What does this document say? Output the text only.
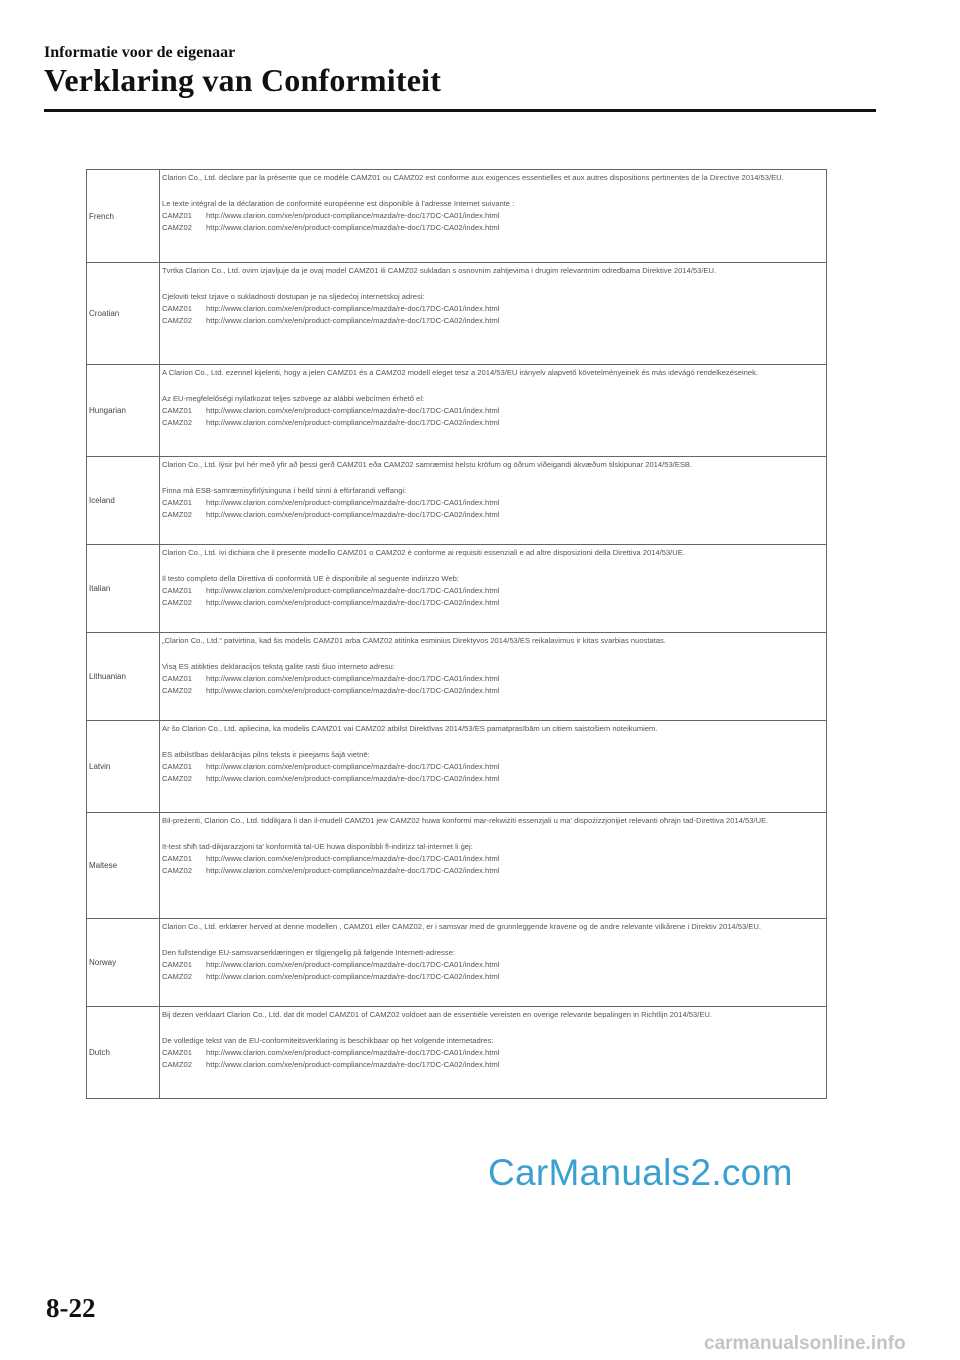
Informatie voor de eigenaar
Verklaring van Conformiteit
French	Clarion Co., Ltd. déclare par la présente que ce modèle CAMZ01 ou CAMZ02 est conforme aux exigences essentielles et aux autres dispositions pertinentes de la Directive 2014/53/EU.

Le texte intégral de la déclaration de conformité européenne est disponible à l'adresse Internet suivante :

CAMZ01 http://www.clarion.com/xe/en/product-compliance/mazda/re-doc/17DC-CA01/index.html

CAMZ02 http://www.clarion.com/xe/en/product-compliance/mazda/re-doc/17DC-CA02/index.html

Croatian	Tvrtka Clarion Co., Ltd. ovim izjavljuje da je ovaj model CAMZ01 ili CAMZ02 sukladan s osnovnim zahtjevima i drugim relevantnim odredbama Direktive 2014/53/EU.

Cjeloviti tekst Izjave o sukladnosti dostupan je na sljedećoj internetskoj adresi:

CAMZ01 http://www.clarion.com/xe/en/product-compliance/mazda/re-doc/17DC-CA01/index.html

CAMZ02 http://www.clarion.com/xe/en/product-compliance/mazda/re-doc/17DC-CA02/index.html

Hungarian	A Clarion Co., Ltd. ezennel kijelenti, hogy a jelen CAMZ01 és a CAMZ02 modell eleget tesz a 2014/53/EU irányelv alapvető követelményeinek és más idevágó rendelkezéseinek.

Az EU-megfelelőségi nyilatkozat teljes szövege az alábbi webcímen érhető el:

CAMZ01 http://www.clarion.com/xe/en/product-compliance/mazda/re-doc/17DC-CA01/index.html

CAMZ02 http://www.clarion.com/xe/en/product-compliance/mazda/re-doc/17DC-CA02/index.html

Iceland	Clarion Co., Ltd. lýsir því hér með yfir að þessi gerð CAMZ01 eða CAMZ02 samræmist helstu kröfum og öðrum viðeigandi ákvæðum tilskipunar 2014/53/ESB.

Finna má ESB-samræmisyfirlýsinguna í heild sinni á eftirfarandi veffangi:

CAMZ01 http://www.clarion.com/xe/en/product-compliance/mazda/re-doc/17DC-CA01/index.html

CAMZ02 http://www.clarion.com/xe/en/product-compliance/mazda/re-doc/17DC-CA02/index.html

Italian	Clarion Co., Ltd. ivi dichiara che il presente modello CAMZ01 o CAMZ02 è conforme ai requisiti essenziali e ad altre disposizioni della Direttiva 2014/53/UE.

Il testo completo della Direttiva di conformità UE è disponibile al seguente indirizzo Web:

CAMZ01 http://www.clarion.com/xe/en/product-compliance/mazda/re-doc/17DC-CA01/index.html

CAMZ02 http://www.clarion.com/xe/en/product-compliance/mazda/re-doc/17DC-CA02/index.html

Lithuanian	„Clarion Co., Ltd.“ patvirtina, kad šis modelis CAMZ01 arba CAMZ02 atitinka esminius Direktyvos 2014/53/ES reikalavimus ir kitas svarbias nuostatas.

Visą ES atitikties deklaracijos tekstą galite rasti šiuo interneto adresu:

CAMZ01 http://www.clarion.com/xe/en/product-compliance/mazda/re-doc/17DC-CA01/index.html

CAMZ02 http://www.clarion.com/xe/en/product-compliance/mazda/re-doc/17DC-CA02/index.html

Latvin	Ar šo Clarion Co., Ltd. apliecina, ka modelis CAMZ01 vai CAMZ02 atbilst Direktīvas 2014/53/ES pamatprasībām un citiem saistošiem noteikumiem.

ES atbilstības deklarācijas pilns teksts ir pieejams šajā vietnē:

CAMZ01 http://www.clarion.com/xe/en/product-compliance/mazda/re-doc/17DC-CA01/index.html

CAMZ02 http://www.clarion.com/xe/en/product-compliance/mazda/re-doc/17DC-CA02/index.html

Maltese	Bil-preżenti, Clarion Co., Ltd. tiddikjara li dan il-mudell CAMZ01 jew CAMZ02 huwa konformi mar-rekwiżiti essenzjali u ma' dispożizzjonijiet relevanti oħrajn tad-Direttiva 2014/53/UE.

It-test sħiħ tad-dikjarazzjoni ta' konformità tal-UE huwa disponibbli fl-indirizz tal-internet li ġej:

CAMZ01 http://www.clarion.com/xe/en/product-compliance/mazda/re-doc/17DC-CA01/index.html

CAMZ02 http://www.clarion.com/xe/en/product-compliance/mazda/re-doc/17DC-CA02/index.html

Norway	Clarion Co., Ltd. erklærer herved at denne modellen , CAMZ01 eller CAMZ02, er i samsvar med de grunnleggende kravene og de andre relevante vilkårene i Direktiv 2014/53/EU.

Den fullstendige EU-samsvarserklæringen er tilgjengelig på følgende Internett-adresse:

CAMZ01 http://www.clarion.com/xe/en/product-compliance/mazda/re-doc/17DC-CA01/index.html

CAMZ02 http://www.clarion.com/xe/en/product-compliance/mazda/re-doc/17DC-CA02/index.html

Dutch	Bij dezen verklaart Clarion Co., Ltd. dat dit model CAMZ01 of CAMZ02 voldoet aan de essentiële vereisten en overige relevante bepalingen in Richtlijn 2014/53/EU.

De volledige tekst van de EU-conformiteitsverklaring is beschikbaar op het volgende internetadres:

CAMZ01 http://www.clarion.com/xe/en/product-compliance/mazda/re-doc/17DC-CA01/index.html

CAMZ02 http://www.clarion.com/xe/en/product-compliance/mazda/re-doc/17DC-CA02/index.html

CarManuals2.com
8-22
carmanualsonline.info
